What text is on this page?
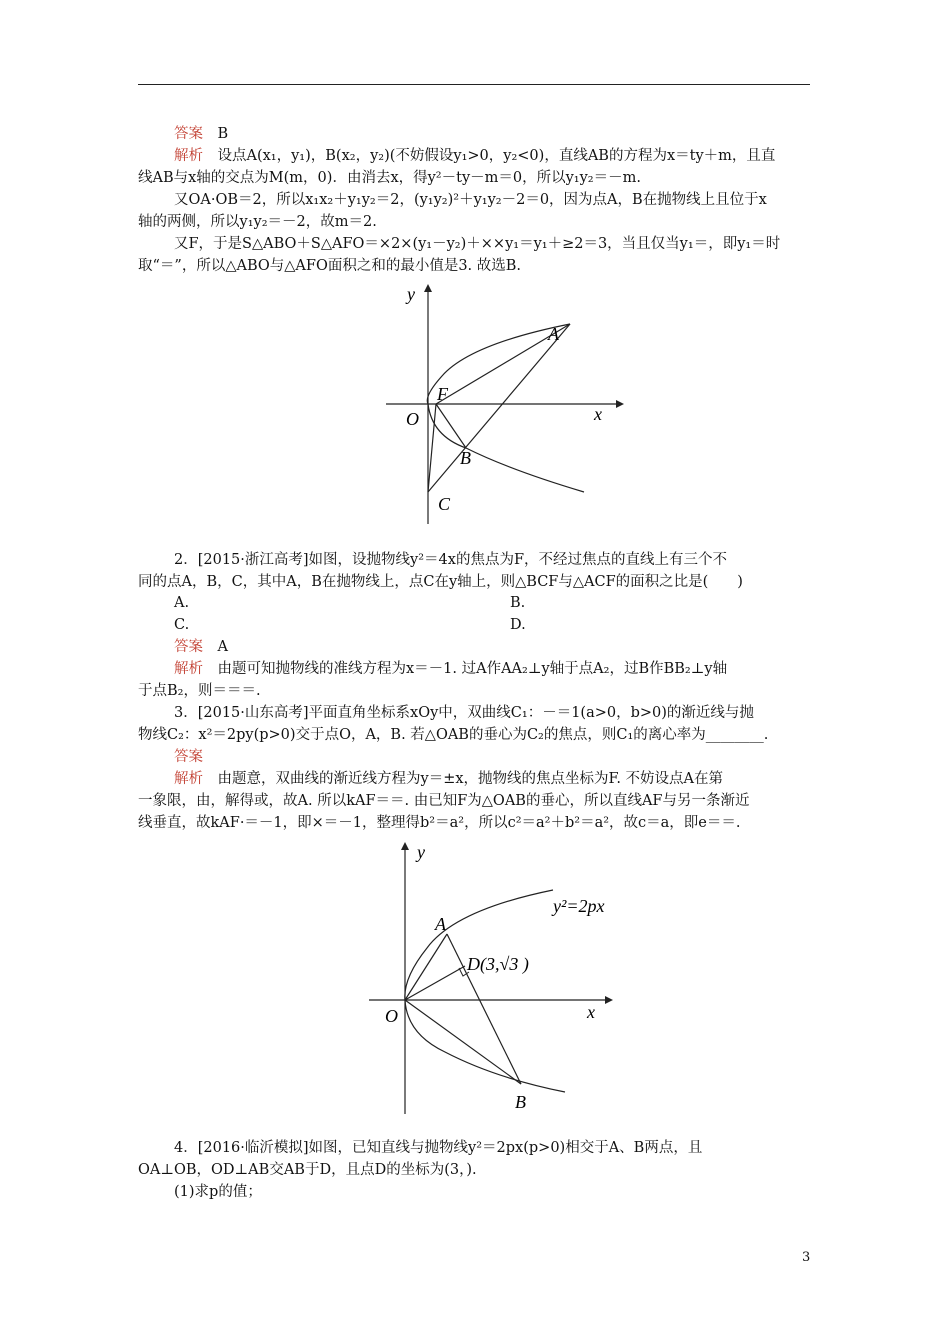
答案　B
解析　设点A(x₁，y₁)，B(x₂，y₂)(不妨假设y₁>0，y₂<0)，直线AB的方程为x＝ty＋m，且直
线AB与x轴的交点为M(m，0)．由消去x，得y²－ty－m＝0，所以y₁y₂＝－m.
又OA·OB＝2，所以x₁x₂＋y₁y₂＝2，(y₁y₂)²＋y₁y₂－2＝0，因为点A，B在抛物线上且位于x
轴的两侧，所以y₁y₂＝－2，故m＝2.
又F，于是S△ABO＋S△AFO＝×2×(y₁－y₂)＋××y₁＝y₁＋≥2＝3，当且仅当y₁＝，即y₁＝时
取“＝”，所以△ABO与△AFO面积之和的最小值是3. 故选B.
y
x
O
F
A
B
C
2．[2015·浙江高考]如图，设抛物线y²＝4x的焦点为F，不经过焦点的直线上有三个不
同的点A，B，C，其中A，B在抛物线上，点C在y轴上，则△BCF与△ACF的面积之比是(　　)
A.	B.
C.	D.
答案　A
解析　由题可知抛物线的准线方程为x＝－1. 过A作AA₂⊥y轴于点A₂，过B作BB₂⊥y轴
于点B₂，则＝＝＝.
3．[2015·山东高考]平面直角坐标系xOy中，双曲线C₁：－＝1(a>0，b>0)的渐近线与抛
物线C₂：x²＝2py(p>0)交于点O，A，B. 若△OAB的垂心为C₂的焦点，则C₁的离心率为________.
答案
解析　由题意，双曲线的渐近线方程为y＝±x，抛物线的焦点坐标为F. 不妨设点A在第
一象限，由，解得或，故A. 所以kAF＝＝. 由已知F为△OAB的垂心，所以直线AF与另一条渐近
线垂直，故kAF·＝－1，即×＝－1，整理得b²＝a²，所以c²＝a²＋b²＝a²，故c＝a，即e＝＝.
y
x
O
A
B
D(3,√3 )
y²=2px
4．[2016·临沂模拟]如图，已知直线与抛物线y²＝2px(p>0)相交于A、B两点，且
OA⊥OB，OD⊥AB交AB于D，且点D的坐标为(3，).
(1)求p的值；
3
